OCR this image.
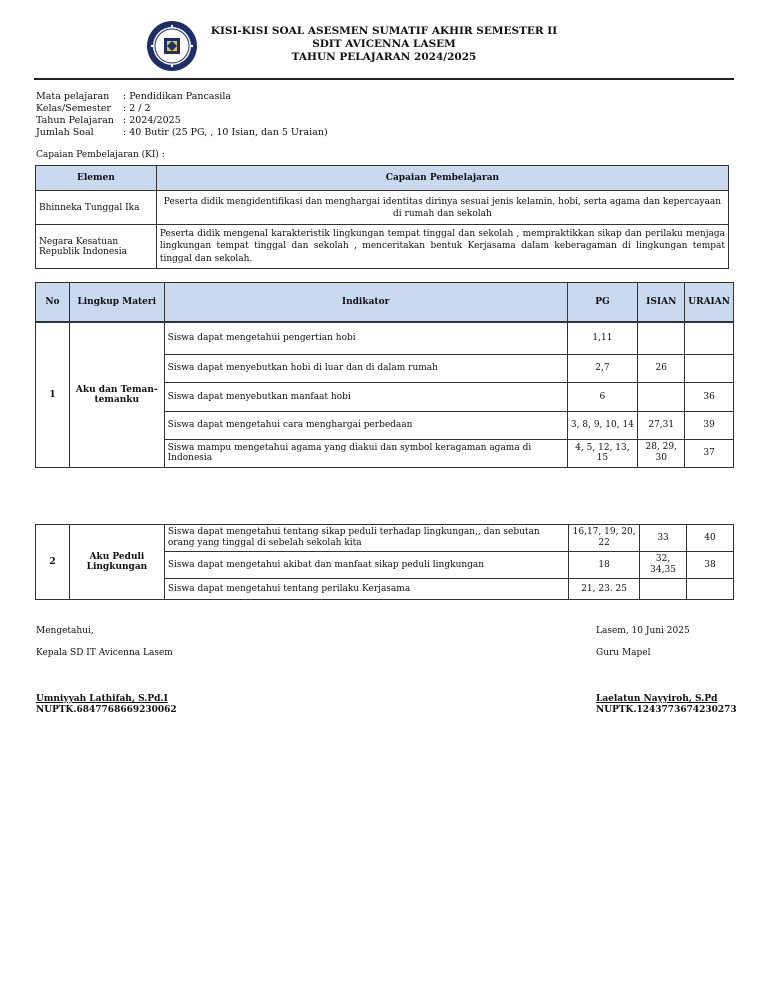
KISI-KISI SOAL ASESMEN SUMATIF AKHIR SEMESTER II
SDIT AVICENNA LASEM
TAHUN PELAJARAN 2024/2025
Mata pelajaran : Pendidikan Pancasila
Kelas/Semester : 2 / 2
Tahun Pelajaran : 2024/2025
Jumlah Soal	: 40 Butir (25 PG, , 10 Isian, dan 5 Uraian)
Capaian Pembelajaran (KI) :
Elemen	Capaian Pembelajaran
Bhinneka Tunggal Ika	Peserta didik mengidentifikasi dan menghargai identitas dirinya sesuai jenis kelamin, hobi, serta agama dan kepercayaan di rumah dan sekolah
Negara Kesatuan Republik Indonesia	Peserta didik mengenal karakteristik lingkungan tempat tinggal dan sekolah , mempraktikkan sikap dan perilaku menjaga lingkungan tempat tinggal dan sekolah , menceritakan bentuk Kerjasama dalam keberagaman di lingkungan tempat tinggal dan sekolah.
No	Lingkup Materi	Indikator	PG	ISIAN	URAIAN
1	Aku dan Teman-temanku	Siswa dapat mengetahui pengertian hobi	1,11		
		Siswa dapat menyebutkan hobi di luar dan di dalam rumah	2,7	26	
		Siswa dapat menyebutkan manfaat hobi	6		36
		Siswa dapat mengetahui cara menghargai perbedaan	3, 8, 9, 10, 14	27,31	39
		Siswa mampu mengetahui agama yang diakui dan symbol keragaman agama di Indonesia	4, 5, 12, 13, 15	28, 29, 30	37
2	Aku Peduli Lingkungan	Siswa dapat mengetahui tentang sikap peduli terhadap lingkungan,, dan sebutan orang yang tinggal di sebelah sekolah kita	16,17, 19, 20, 22	33	40
		Siswa dapat mengetahui akibat dan manfaat sikap peduli lingkungan	18	32, 34,35	38
		Siswa dapat mengetahui tentang perilaku Kerjasama	21, 23. 25		
Mengetahui,
Kepala SD IT Avicenna Lasem
Umniyyah Lathifah, S.Pd.I
NUPTK.6847768669230062
Lasem, 10 Juni 2025
Guru Mapel
Laelatun Nayyiroh, S.Pd
NUPTK.1243773674230273
